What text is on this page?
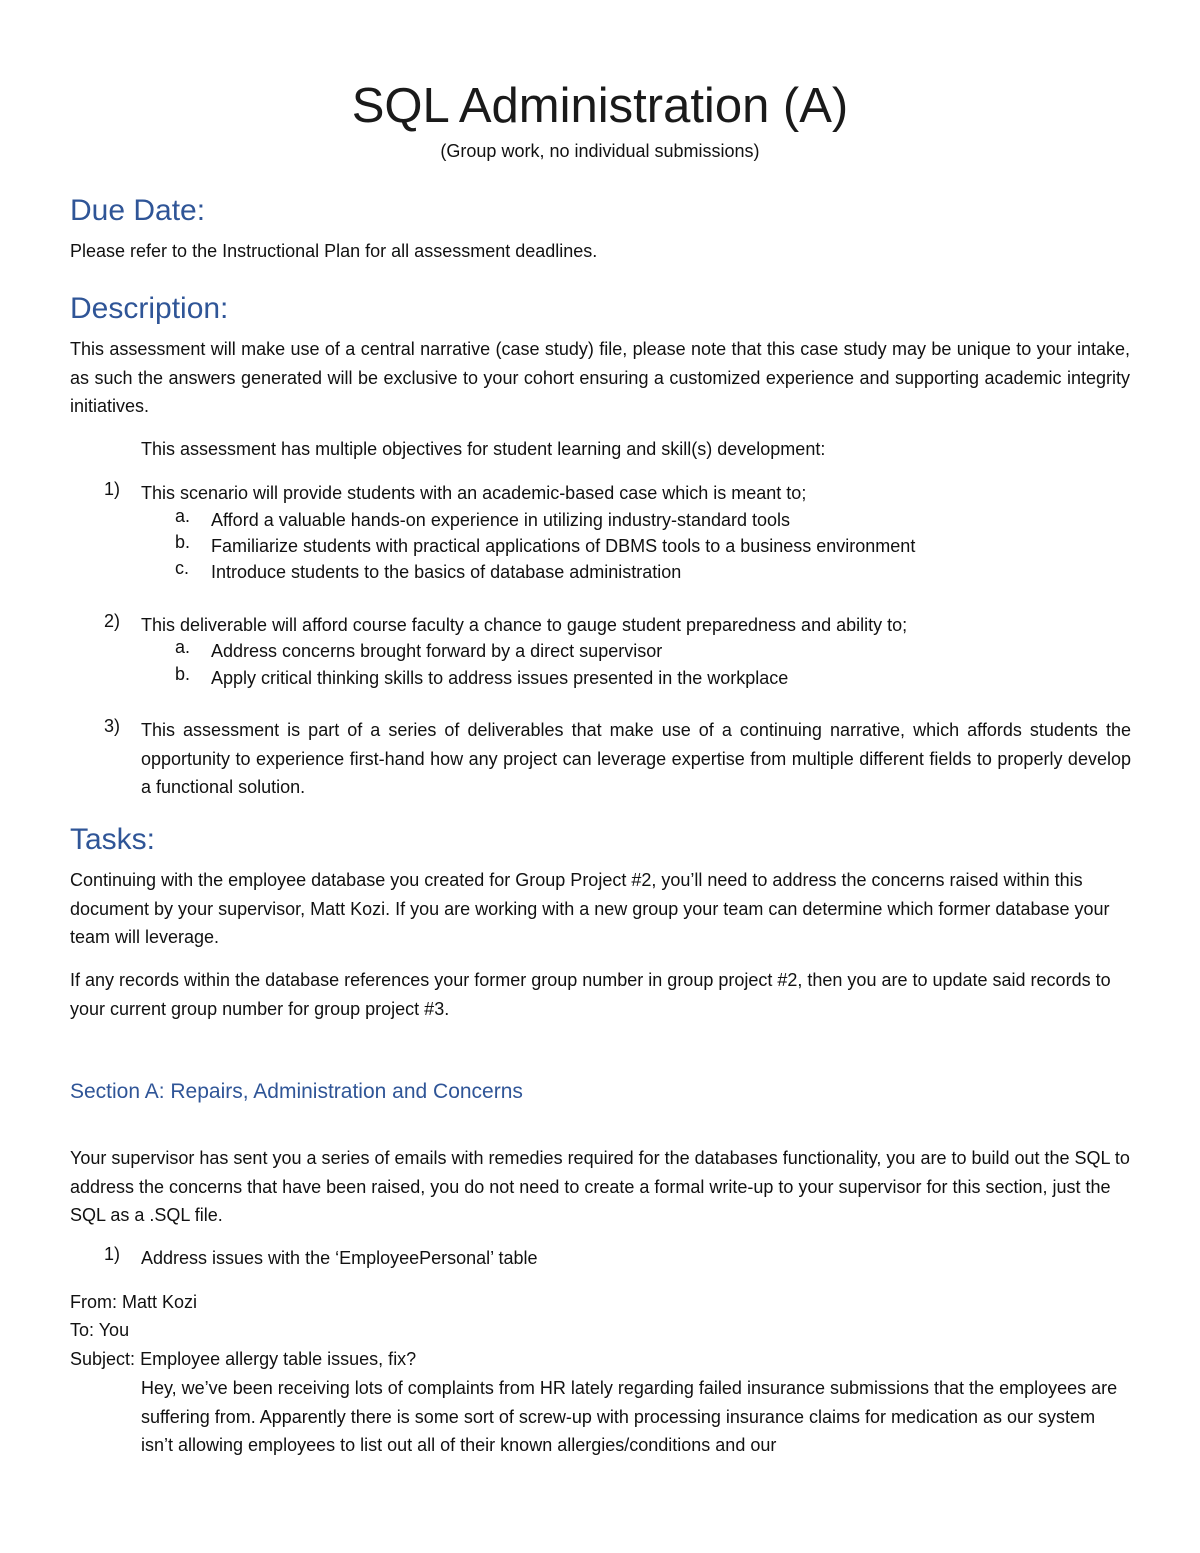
SQL Administration (A)
(Group work, no individual submissions)
Due Date:
Please refer to the Instructional Plan for all assessment deadlines.
Description:
This assessment will make use of a central narrative (case study) file, please note that this case study may be unique to your intake, as such the answers generated will be exclusive to your cohort ensuring a customized experience and supporting academic integrity initiatives.
This assessment has multiple objectives for student learning and skill(s) development:
1) This scenario will provide students with an academic-based case which is meant to;
a. Afford a valuable hands-on experience in utilizing industry-standard tools
b. Familiarize students with practical applications of DBMS tools to a business environment
c. Introduce students to the basics of database administration
2) This deliverable will afford course faculty a chance to gauge student preparedness and ability to;
a. Address concerns brought forward by a direct supervisor
b. Apply critical thinking skills to address issues presented in the workplace
3) This assessment is part of a series of deliverables that make use of a continuing narrative, which affords students the opportunity to experience first-hand how any project can leverage expertise from multiple different fields to properly develop a functional solution.
Tasks:
Continuing with the employee database you created for Group Project #2, you’ll need to address the concerns raised within this document by your supervisor, Matt Kozi. If you are working with a new group your team can determine which former database your team will leverage.
If any records within the database references your former group number in group project #2, then you are to update said records to your current group number for group project #3.
Section A: Repairs, Administration and Concerns
Your supervisor has sent you a series of emails with remedies required for the databases functionality, you are to build out the SQL to address the concerns that have been raised, you do not need to create a formal write-up to your supervisor for this section, just the SQL as a .SQL file.
1) Address issues with the ‘EmployeePersonal’ table
From: Matt Kozi
To: You
Subject: Employee allergy table issues, fix?
Hey, we’ve been receiving lots of complaints from HR lately regarding failed insurance submissions that the employees are suffering from. Apparently there is some sort of screw-up with processing insurance claims for medication as our system isn’t allowing employees to list out all of their known allergies/conditions and our
